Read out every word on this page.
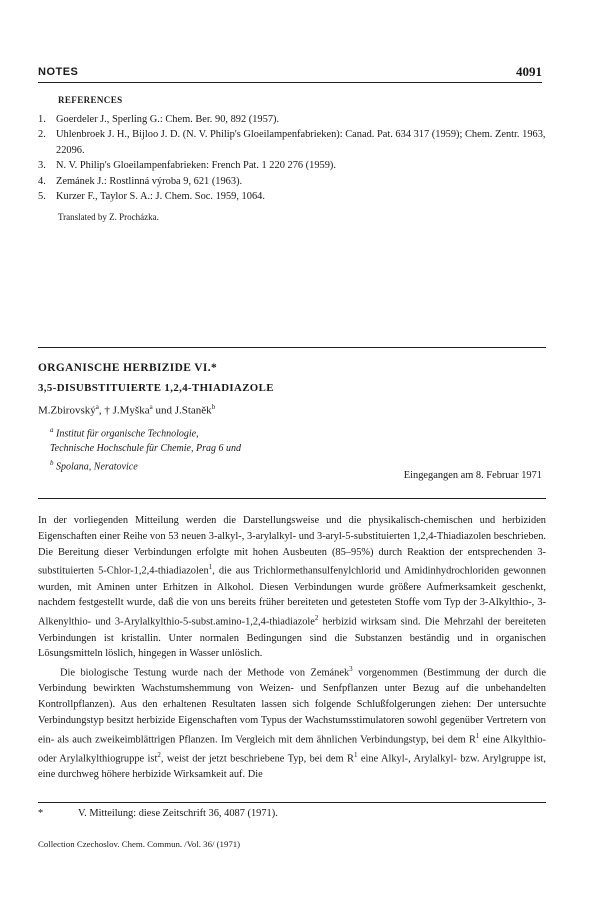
NOTES	4091
REFERENCES
1. Goerdeler J., Sperling G.: Chem. Ber. 90, 892 (1957).
2. Uhlenbroek J. H., Bijloo J. D. (N. V. Philip's Gloeilampenfabrieken): Canad. Pat. 634 317 (1959); Chem. Zentr. 1963, 22096.
3. N. V. Philip's Gloeilampenfabrieken: French Pat. 1 220 276 (1959).
4. Zemánek J.: Rostlinná výroba 9, 621 (1963).
5. Kurzer F., Taylor S. A.: J. Chem. Soc. 1959, 1064.
Translated by Z. Procházka.
ORGANISCHE HERBIZIDE VI.*
3,5-DISUBSTITUIERTE 1,2,4-THIADIAZOLE
M.Zbirovský$^a$, † J.Myška$^a$ und J.Staněk$^b$
$^a$ Institut für organische Technologie,
Technische Hochschule für Chemie, Prag 6 und
$^b$ Spolana, Neratovice
Eingegangen am 8. Februar 1971

In der vorliegenden Mitteilung werden die Darstellungsweise und die physikalisch-chemischen und herbiziden Eigenschaften einer Reihe von 53 neuen 3-alkyl-, 3-arylalkyl- und 3-aryl-5-substituierten 1,2,4-Thiadiazolen beschrieben. Die Bereitung dieser Verbindungen erfolgte mit hohen Ausbeuten (85–95%) durch Reaktion der entsprechenden 3-substituierten 5-Chlor-1,2,4-thiadiazolen$^1$, die aus Trichlormethansulfenylchlorid und Amidinhydrochloriden gewonnen wurden, mit Aminen unter Erhitzen in Alkohol. Diesen Verbindungen wurde größere Aufmerksamkeit geschenkt, nachdem festgestellt wurde, daß die von uns bereits früher bereiteten und getesteten Stoffe vom Typ der 3-Alkylthio-, 3-Alkenylthio- und 3-Arylalkylthio-5-subst.amino-1,2,4-thiadiazole$^2$ herbizid wirksam sind. Die Mehrzahl der bereiteten Verbindungen ist kristallin. Unter normalen Bedingungen sind die Substanzen beständig und in organischen Lösungsmitteln löslich, hingegen in Wasser unlöslich.

Die biologische Testung wurde nach der Methode von Zemánek$^3$ vorgenommen (Bestimmung der durch die Verbindung bewirkten Wachstumshemmung von Weizen- und Senfpflanzen unter Bezug auf die unbehandelten Kontrollpflanzen). Aus den erhaltenen Resultaten lassen sich folgende Schlußfolgerungen ziehen: Der untersuchte Verbindungstyp besitzt herbizide Eigenschaften vom Typus der Wachstumsstimulatoren sowohl gegenüber Vertretern von ein- als auch zweikeimblättrigen Pflanzen. Im Vergleich mit dem ähnlichen Verbindungstyp, bei dem $R^1$ eine Alkylthio- oder Arylalkylthiogruppe ist$^2$, weist der jetzt beschriebene Typ, bei dem $R^1$ eine Alkyl-, Arylalkyl- bzw. Arylgruppe ist, eine durchweg höhere herbizide Wirksamkeit auf. Die

*	V. Mitteilung: diese Zeitschrift 36, 4087 (1971).
Collection Czechoslov. Chem. Commun. /Vol. 36/ (1971)
